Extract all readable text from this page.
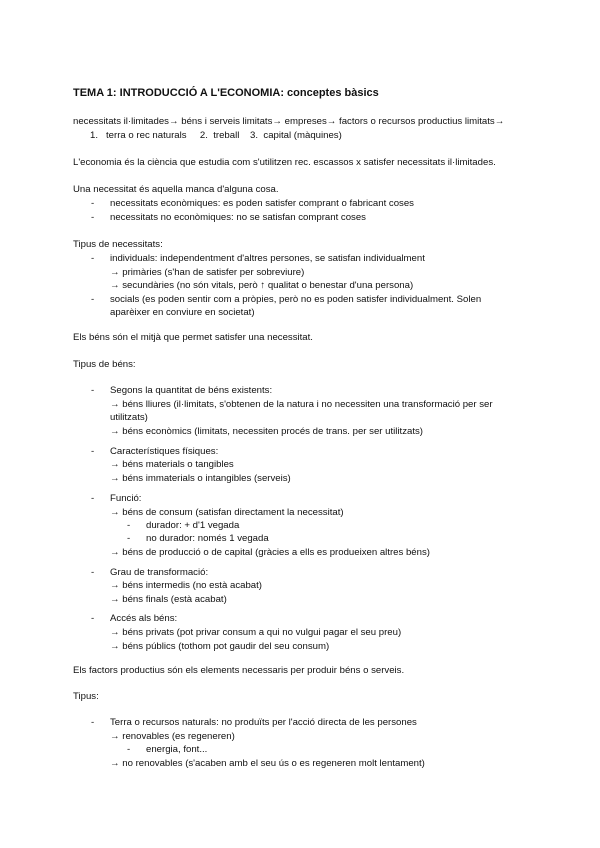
TEMA 1: INTRODUCCIÓ A L'ECONOMIA: conceptes bàsics
necessitats il·limitades→ béns i serveis limitats→ empreses→ factors o recursos productius limitats→
1. terra o rec naturals 2. treball 3. capital (màquines)
L'economia és la ciència que estudia com s'utilitzen rec. escassos x satisfer necessitats il·limitades.
Una necessitat és aquella manca d'alguna cosa.
- necessitats econòmiques: es poden satisfer comprant o fabricant coses
- necessitats no econòmiques: no se satisfan comprant coses
Tipus de necessitats:
- individuals: independentment d'altres persones, se satisfan individualment
→ primàries (s'han de satisfer per sobreviure)
→ secundàries (no són vitals, però ↑ qualitat o benestar d'una persona)
- socials (es poden sentir com a pròpies, però no es poden satisfer individualment. Solen
aparèixer en conviure en societat)
Els béns són el mitjà que permet satisfer una necessitat.
Tipus de béns:
- Segons la quantitat de béns existents:
→ béns lliures (il·limitats, s'obtenen de la natura i no necessiten una transformació per ser
utilitzats)
→ béns econòmics (limitats, necessiten procés de trans. per ser utilitzats)
- Característiques físiques:
→ béns materials o tangibles
→ béns immaterials o intangibles (serveis)
- Funció:
→ béns de consum (satisfan directament la necessitat)
- durador: + d'1 vegada
- no durador: només 1 vegada
→ béns de producció o de capital (gràcies a ells es produeixen altres béns)
- Grau de transformació:
→ béns intermedis (no està acabat)
→ béns finals (està acabat)
- Accés als béns:
→ béns privats (pot privar consum a qui no vulgui pagar el seu preu)
→ béns públics (tothom pot gaudir del seu consum)
Els factors productius són els elements necessaris per produir béns o serveis.
Tipus:
- Terra o recursos naturals: no produïts per l'acció directa de les persones
→ renovables (es regeneren)
- energia, font...
→ no renovables (s'acaben amb el seu ús o es regeneren molt lentament)
